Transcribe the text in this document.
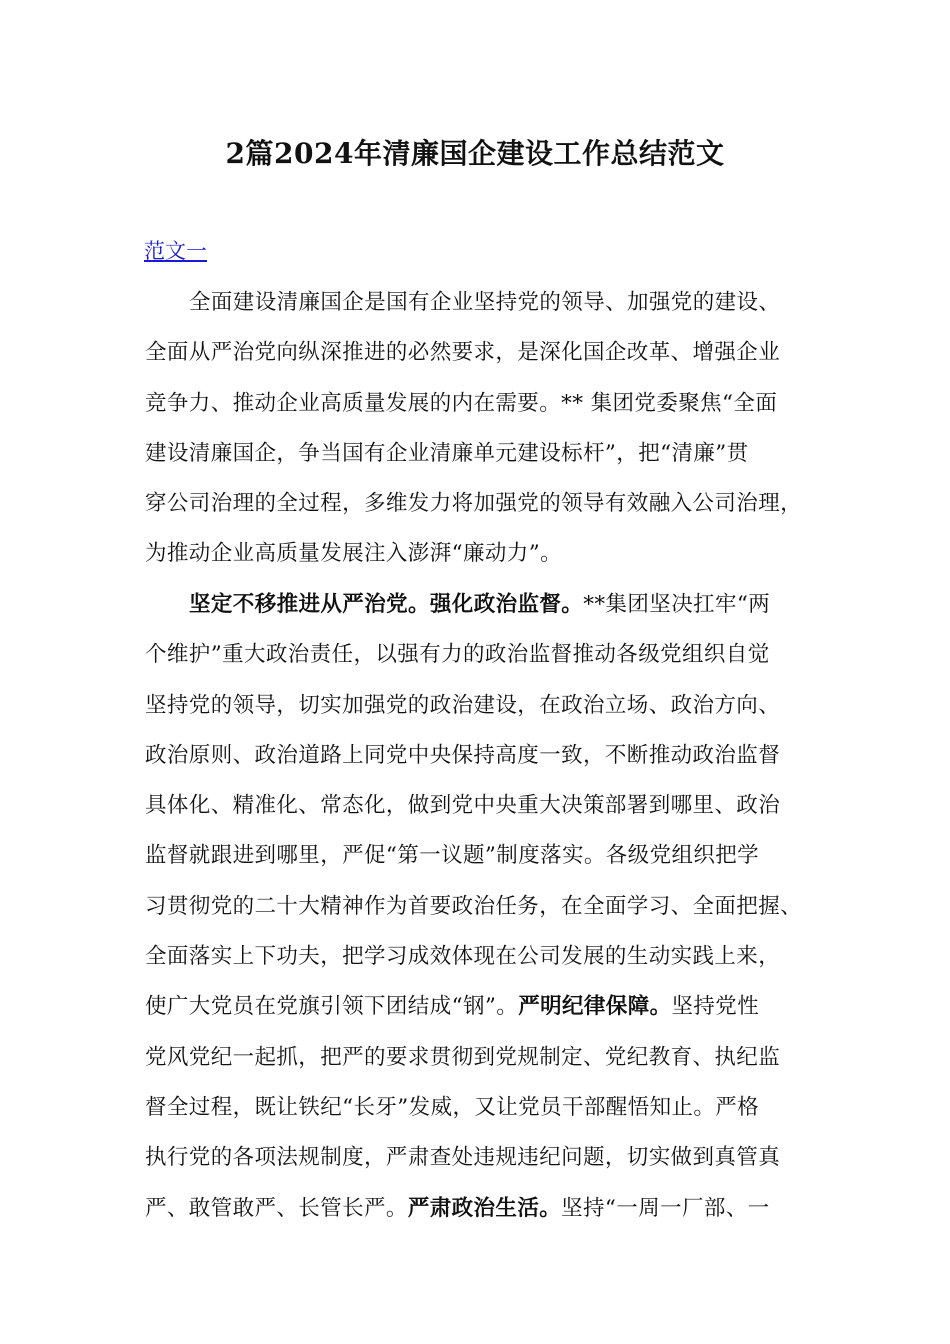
2篇2024年清廉国企建设工作总结范文
范文一
全面建设清廉国企是国有企业坚持党的领导、加强党的建设、
全面从严治党向纵深推进的必然要求，是深化国企改革、增强企业
竞争力、推动企业高质量发展的内在需要。** 集团党委聚焦“全面
建设清廉国企，争当国有企业清廉单元建设标杆”，把“清廉”贯
穿公司治理的全过程，多维发力将加强党的领导有效融入公司治理，
为推动企业高质量发展注入澎湃“廉动力”。
坚定不移推进从严治党。强化政治监督。**集团坚决扛牢“两
个维护”重大政治责任，以强有力的政治监督推动各级党组织自觉
坚持党的领导，切实加强党的政治建设，在政治立场、政治方向、
政治原则、政治道路上同党中央保持高度一致，不断推动政治监督
具体化、精准化、常态化，做到党中央重大决策部署到哪里、政治
监督就跟进到哪里，严促“第一议题”制度落实。各级党组织把学
习贯彻党的二十大精神作为首要政治任务，在全面学习、全面把握、
全面落实上下功夫，把学习成效体现在公司发展的生动实践上来，
使广大党员在党旗引领下团结成“钢”。严明纪律保障。坚持党性
党风党纪一起抓，把严的要求贯彻到党规制定、党纪教育、执纪监
督全过程，既让铁纪“长牙”发威，又让党员干部醒悟知止。严格
执行党的各项法规制度，严肃查处违规违纪问题，切实做到真管真
严、敢管敢严、长管长严。严肃政治生活。坚持“一周一厂部、一
